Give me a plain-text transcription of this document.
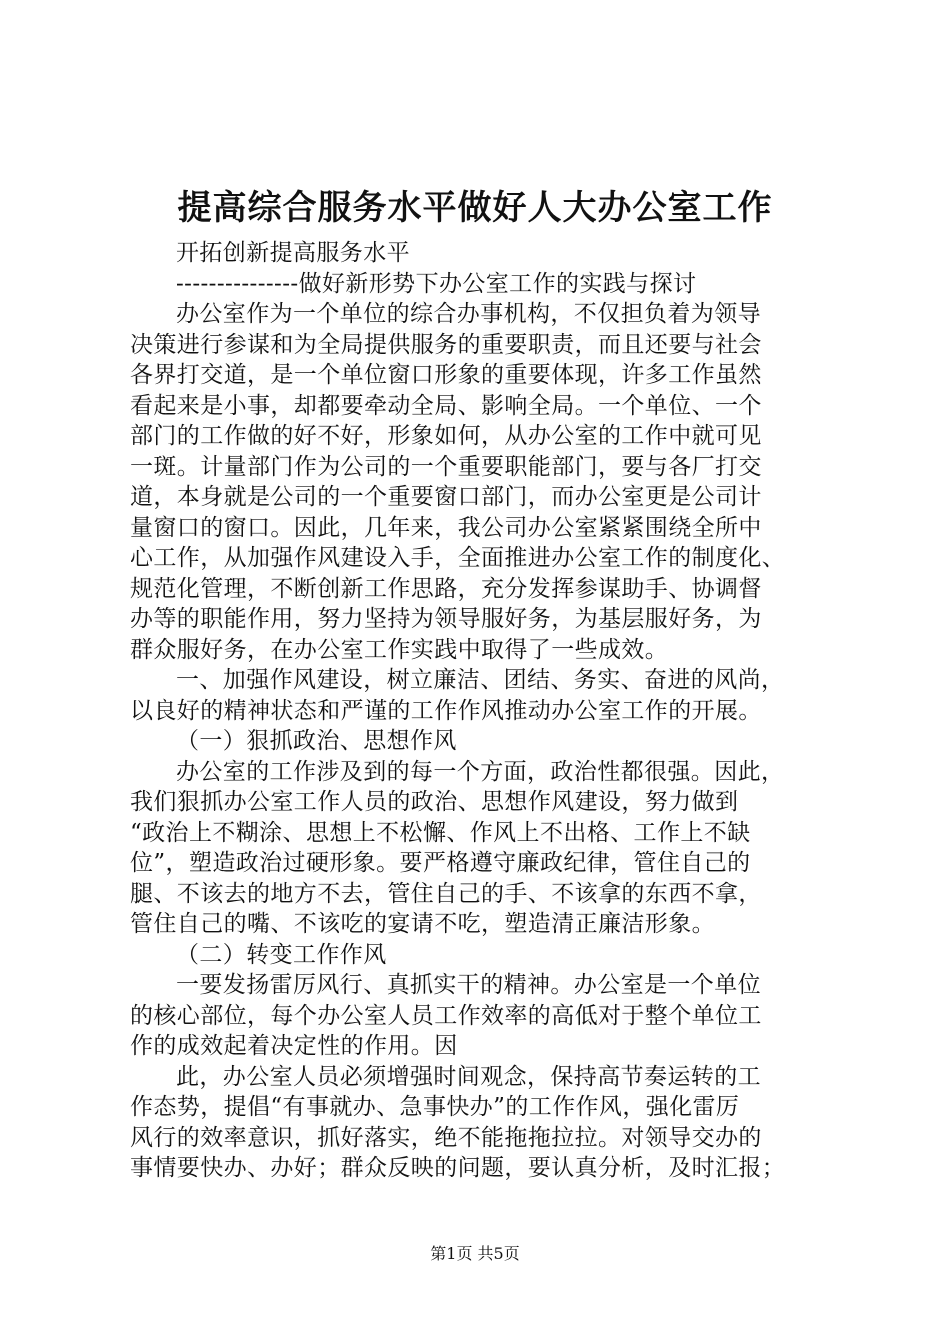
提高综合服务水平做好人大办公室工作
开拓创新提高服务水平
---------------做好新形势下办公室工作的实践与探讨
办公室作为一个单位的综合办事机构，不仅担负着为领导
决策进行参谋和为全局提供服务的重要职责，而且还要与社会
各界打交道，是一个单位窗口形象的重要体现，许多工作虽然
看起来是小事，却都要牵动全局、影响全局。一个单位、一个
部门的工作做的好不好，形象如何，从办公室的工作中就可见
一斑。计量部门作为公司的一个重要职能部门，要与各厂打交
道，本身就是公司的一个重要窗口部门，而办公室更是公司计
量窗口的窗口。因此，几年来，我公司办公室紧紧围绕全所中
心工作，从加强作风建设入手，全面推进办公室工作的制度化、
规范化管理，不断创新工作思路，充分发挥参谋助手、协调督
办等的职能作用，努力坚持为领导服好务，为基层服好务，为
群众服好务，在办公室工作实践中取得了一些成效。
一、加强作风建设，树立廉洁、团结、务实、奋进的风尚，
以良好的精神状态和严谨的工作作风推动办公室工作的开展。
（一）狠抓政治、思想作风
办公室的工作涉及到的每一个方面，政治性都很强。因此，
我们狠抓办公室工作人员的政治、思想作风建设，努力做到
“政治上不糊涂、思想上不松懈、作风上不出格、工作上不缺
位”，塑造政治过硬形象。要严格遵守廉政纪律，管住自己的
腿、不该去的地方不去，管住自己的手、不该拿的东西不拿，
管住自己的嘴、不该吃的宴请不吃，塑造清正廉洁形象。
（二）转变工作作风
一要发扬雷厉风行、真抓实干的精神。办公室是一个单位
的核心部位，每个办公室人员工作效率的高低对于整个单位工
作的成效起着决定性的作用。因
此，办公室人员必须增强时间观念，保持高节奏运转的工
作态势，提倡“有事就办、急事快办”的工作作风，强化雷厉
风行的效率意识，抓好落实，绝不能拖拖拉拉。对领导交办的
事情要快办、办好；群众反映的问题，要认真分析，及时汇报；
第1页 共5页
